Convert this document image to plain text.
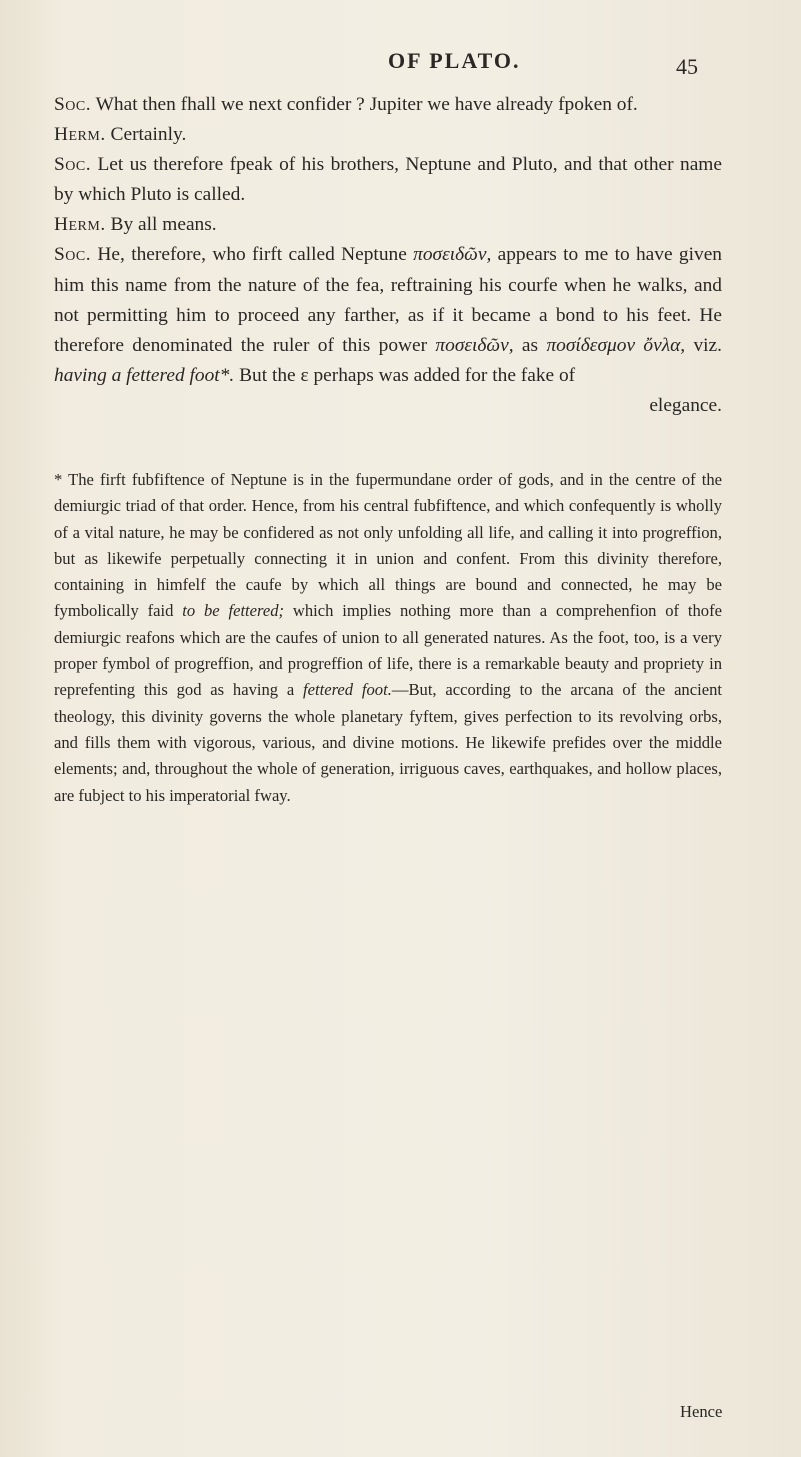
OF PLATO.	45

Soc. What then fhall we next confider ? Jupiter we have already fpoken of.

Herm. Certainly.

Soc. Let us therefore fpeak of his brothers, Neptune and Pluto, and that other name by which Pluto is called.

Herm. By all means.

Soc. He, therefore, who firft called Neptune ποσειδῶν, appears to me to have given him this name from the nature of the fea, reftraining his courfe when he walks, and not permitting him to proceed any farther, as if it became a bond to his feet. He therefore denominated the ruler of this power ποσειδῶν, as ποσίδεσμον ὄνλα, viz. having a fettered foot*. But the ε perhaps was added for the fake of

elegance.

* The firft fubfiftence of Neptune is in the fupermundane order of gods, and in the centre of the demiurgic triad of that order. Hence, from his central fubfiftence, and which confequently is wholly of a vital nature, he may be confidered as not only unfolding all life, and calling it into progreffion, but as likewife perpetually connecting it in union and confent. From this divinity therefore, containing in himfelf the caufe by which all things are bound and connected, he may be fymbolically faid to be fettered; which implies nothing more than a comprehenfion of thofe demiurgic reafons which are the caufes of union to all generated natures. As the foot, too, is a very proper fymbol of progreffion, and progreffion of life, there is a remarkable beauty and propriety in reprefenting this god as having a fettered foot.—But, according to the arcana of the ancient theology, this divinity governs the whole planetary fyftem, gives perfection to its revolving orbs, and fills them with vigorous, various, and divine motions. He likewife prefides over the middle elements; and, throughout the whole of generation, irriguous caves, earthquakes, and hollow places, are fubject to his imperatorial fway.

Hence
